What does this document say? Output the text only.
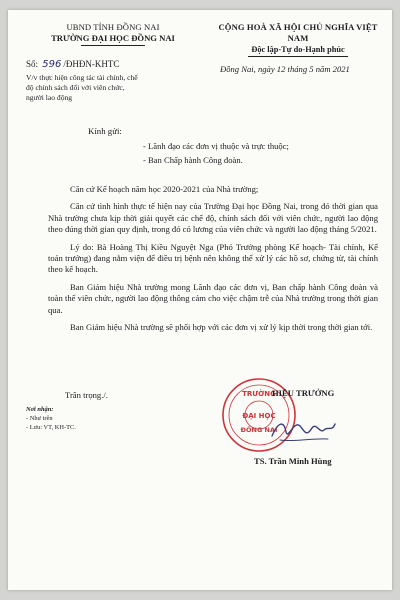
UBND TỈNH ĐỒNG NAI
TRƯỜNG ĐẠI HỌC ĐỒNG NAI
CỘNG HOÀ XÃ HỘI CHỦ NGHĨA VIỆT NAM
Độc lập-Tự do-Hạnh phúc
Số: 596 /ĐHĐN-KHTC
V/v thực hiện công tác tài chính, chế
độ chính sách đối với viên chức,
người lao động
Đồng Nai, ngày 12 tháng 5 năm 2021
Kính gửi:
- Lãnh đạo các đơn vị thuộc và trực thuộc;
- Ban Chấp hành Công đoàn.

Căn cứ Kế hoạch năm học 2020-2021 của Nhà trường;

Căn cứ tình hình thực tế hiện nay của Trường Đại học Đồng Nai, trong đó thời gian qua Nhà trường chưa kịp thời giải quyết các chế độ, chính sách đối với viên chức, người lao động theo đúng thời gian quy định, trong đó có lương của viên chức và người lao động tháng 5/2021.

Lý do: Bà Hoàng Thị Kiều Nguyệt Nga (Phó Trưởng phòng Kế hoạch- Tài chính, Kế toán trưởng) đang nằm viện để điều trị bệnh nên không thể xử lý các hồ sơ, chứng từ, tài chính theo kế hoạch.

Ban Giám hiệu Nhà trường mong Lãnh đạo các đơn vị, Ban chấp hành Công đoàn và toàn thể viên chức, người lao động thông cảm cho việc chậm trễ của Nhà trường trong thời gian qua.

Ban Giám hiệu Nhà trường sẽ phối hợp với các đơn vị xử lý kịp thời trong thời gian tới.

Trân trọng./.
Nơi nhận:
- Như trên
- Lưu: VT, KH-TC.
TRƯỜNG
ĐẠI HỌC
ĐỒNG NAI
HIỆU TRƯỞNG
TS. Trần Minh Hùng
